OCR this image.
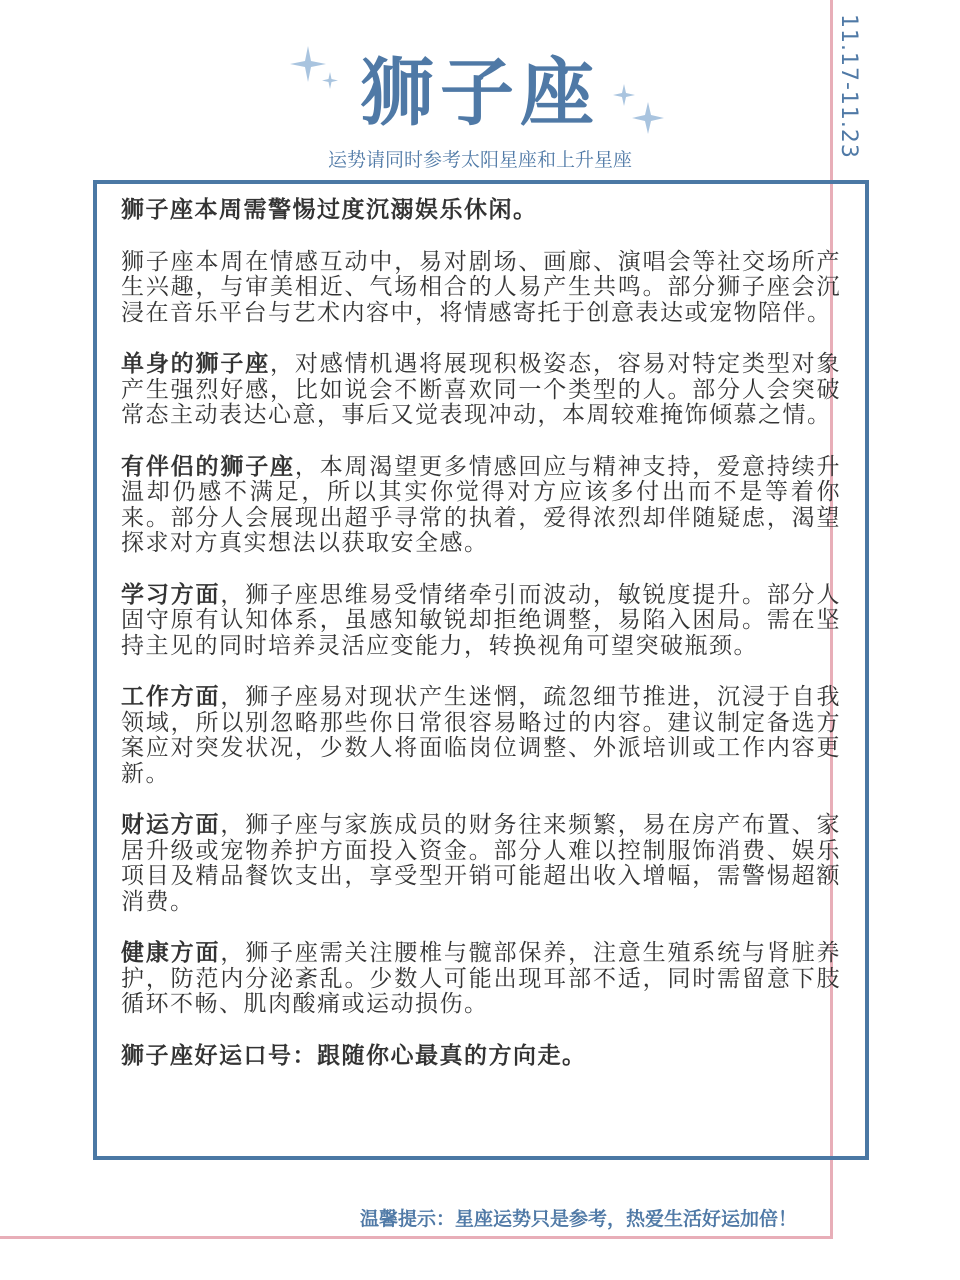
11.17-11.23
狮子座
运势请同时参考太阳星座和上升星座

狮子座本周需警惕过度沉溺娱乐休闲。

狮子座本周在情感互动中，易对剧场、画廊、演唱会等社交场所产生兴趣，与审美相近、气场相合的人易产生共鸣。部分狮子座会沉浸在音乐平台与艺术内容中，将情感寄托于创意表达或宠物陪伴。

单身的狮子座，对感情机遇将展现积极姿态，容易对特定类型对象产生强烈好感，比如说会不断喜欢同一个类型的人。部分人会突破常态主动表达心意，事后又觉表现冲动，本周较难掩饰倾慕之情。

有伴侣的狮子座，本周渴望更多情感回应与精神支持，爱意持续升温却仍感不满足，所以其实你觉得对方应该多付出而不是等着你来。部分人会展现出超乎寻常的执着，爱得浓烈却伴随疑虑，渴望探求对方真实想法以获取安全感。

学习方面，狮子座思维易受情绪牵引而波动，敏锐度提升。部分人固守原有认知体系，虽感知敏锐却拒绝调整，易陷入困局。需在坚持主见的同时培养灵活应变能力，转换视角可望突破瓶颈。

工作方面，狮子座易对现状产生迷惘，疏忽细节推进，沉浸于自我领域，所以别忽略那些你日常很容易略过的内容。建议制定备选方案应对突发状况，少数人将面临岗位调整、外派培训或工作内容更新。

财运方面，狮子座与家族成员的财务往来频繁，易在房产布置、家居升级或宠物养护方面投入资金。部分人难以控制服饰消费、娱乐项目及精品餐饮支出，享受型开销可能超出收入增幅，需警惕超额消费。

健康方面，狮子座需关注腰椎与髋部保养，注意生殖系统与肾脏养护，防范内分泌紊乱。少数人可能出现耳部不适，同时需留意下肢循环不畅、肌肉酸痛或运动损伤。

狮子座好运口号：跟随你心最真的方向走。

温馨提示：星座运势只是参考，热爱生活好运加倍！
